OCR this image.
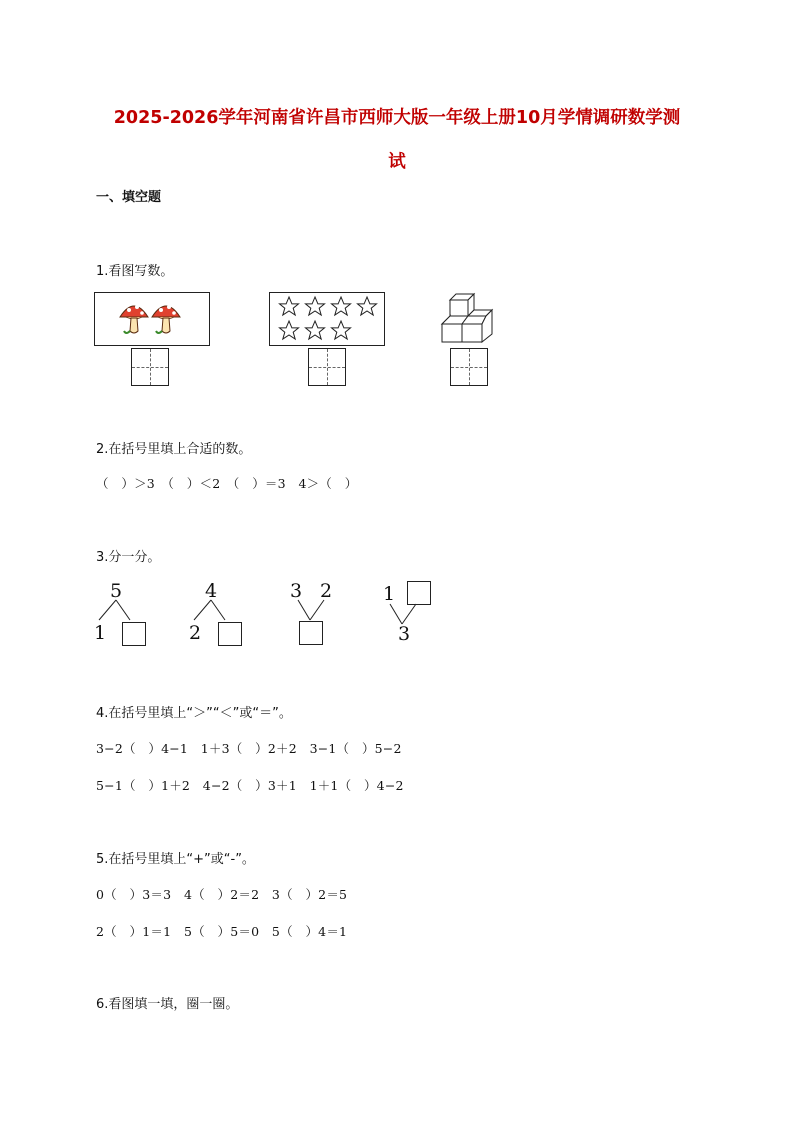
2025-2026学年河南省许昌市西师大版一年级上册10月学情调研数学测
试
一、填空题
1.看图写数。
2.在括号里填上合适的数。
（　）＞3　（　）＜2　（　）＝3　4＞（　）
3.分一分。
5
1
4
2
3 2	1
3
4.在括号里填上“＞”“＜”或“＝”。
3−2（　）4−1　1＋3（　）2＋2　3−1（　）5−2
5−1（　）1＋2　4−2（　）3＋1　1＋1（　）4−2
5.在括号里填上“+”或“-”。
0（　）3＝3　4（　）2＝2　3（　）2＝5
2（　）1＝1　5（　）5＝0　5（　）4＝1
6.看图填一填，圈一圈。
